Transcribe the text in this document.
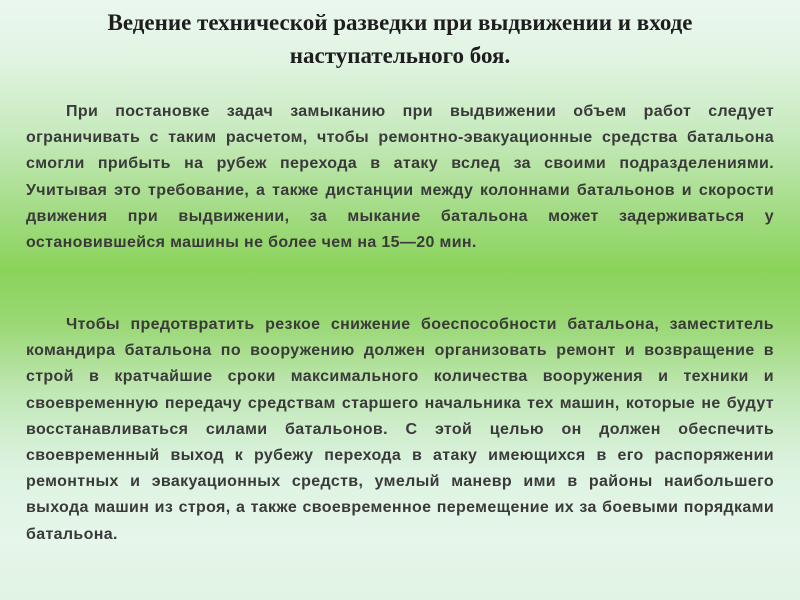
Ведение технической разведки при выдвижении и входе наступательного боя.

При постановке задач замыканию при выдвижении объем работ следует ограничивать с таким расчетом, чтобы ремонтно-эвакуационные средства батальона смогли прибыть на рубеж перехода в атаку вслед за своими подразделениями. Учитывая это требование, а также дистанции между колоннами батальонов и скорости движения при выдвижении, за мыкание батальона может задерживаться у остановившейся машины не более чем на 15—20 мин.

Чтобы предотвратить резкое снижение боеспособности батальона, заместитель командира батальона по вооружению должен организовать ремонт и возвращение в строй в кратчайшие сроки максимального количества вооружения и техники и своевременную передачу средствам старшего начальника тех машин, которые не будут восстанавливаться силами батальонов. С этой целью он должен обеспечить своевременный выход к рубежу перехода в атаку имеющихся в его распоряжении ремонтных и эвакуационных средств, умелый маневр ими в районы наибольшего выхода машин из строя, а также своевременное перемещение их за боевыми порядками батальона.
